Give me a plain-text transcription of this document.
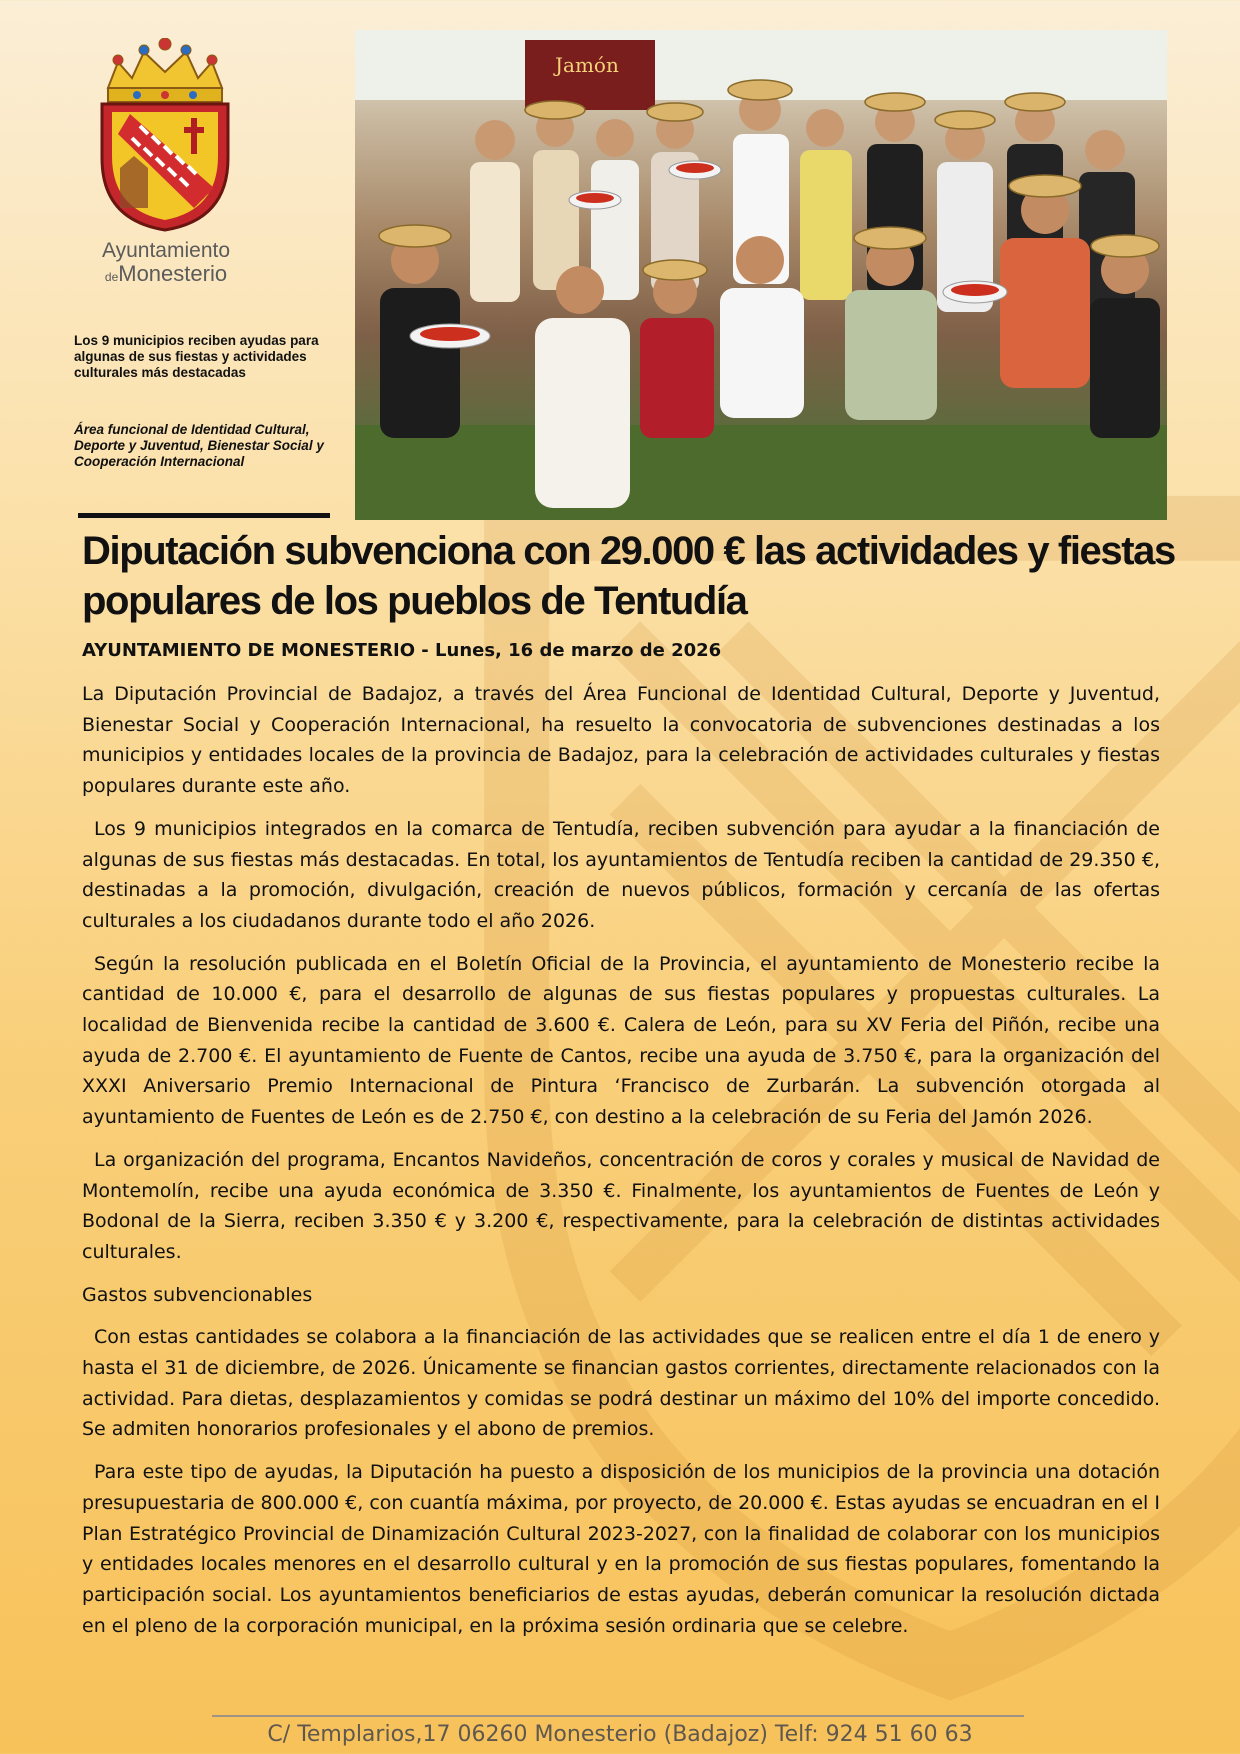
Ayuntamiento
deMonesterio
Los 9 municipios reciben ayudas para algunas de sus fiestas y actividades culturales más destacadas
Área funcional de Identidad Cultural, Deporte y Juventud, Bienestar Social y Cooperación Internacional
Jamón
Diputación subvenciona con 29.000 € las actividades y fiestas populares de los pueblos de Tentudía
AYUNTAMIENTO DE MONESTERIO - Lunes, 16 de marzo de 2026

La Diputación Provincial de Badajoz, a través del Área Funcional de Identidad Cultural, Deporte y Juventud, Bienestar Social y Cooperación Internacional, ha resuelto la convocatoria de subvenciones destinadas a los municipios y entidades locales de la provincia de Badajoz, para la celebración de actividades culturales y fiestas populares durante este año.

Los 9 municipios integrados en la comarca de Tentudía, reciben subvención para ayudar a la financiación de algunas de sus fiestas más destacadas. En total, los ayuntamientos de Tentudía reciben la cantidad de 29.350 €, destinadas a la promoción, divulgación, creación de nuevos públicos, formación y cercanía de las ofertas culturales a los ciudadanos durante todo el año 2026.

Según la resolución publicada en el Boletín Oficial de la Provincia, el ayuntamiento de Monesterio recibe la cantidad de 10.000 €, para el desarrollo de algunas de sus fiestas populares y propuestas culturales. La localidad de Bienvenida recibe la cantidad de 3.600 €. Calera de León, para su XV Feria del Piñón, recibe una ayuda de 2.700 €. El ayuntamiento de Fuente de Cantos, recibe una ayuda de 3.750 €, para la organización del XXXI Aniversario Premio Internacional de Pintura ‘Francisco de Zurbarán. La subvención otorgada al ayuntamiento de Fuentes de León es de 2.750 €, con destino a la celebración de su Feria del Jamón 2026.

La organización del programa, Encantos Navideños, concentración de coros y corales y musical de Navidad de Montemolín, recibe una ayuda económica de 3.350 €. Finalmente, los ayuntamientos de Fuentes de León y Bodonal de la Sierra, reciben 3.350 € y 3.200 €, respectivamente, para la celebración de distintas actividades culturales.

Gastos subvencionables

Con estas cantidades se colabora a la financiación de las actividades que se realicen entre el día 1 de enero y hasta el 31 de diciembre, de 2026. Únicamente se financian gastos corrientes, directamente relacionados con la actividad. Para dietas, desplazamientos y comidas se podrá destinar un máximo del 10% del importe concedido. Se admiten honorarios profesionales y el abono de premios.

Para este tipo de ayudas, la Diputación ha puesto a disposición de los municipios de la provincia una dotación presupuestaria de 800.000 €, con cuantía máxima, por proyecto, de 20.000 €. Estas ayudas se encuadran en el I Plan Estratégico Provincial de Dinamización Cultural 2023-2027, con la finalidad de colaborar con los municipios y entidades locales menores en el desarrollo cultural y en la promoción de sus fiestas populares, fomentando la participación social. Los ayuntamientos beneficiarios de estas ayudas, deberán comunicar la resolución dictada en el pleno de la corporación municipal, en la próxima sesión ordinaria que se celebre.

C/ Templarios,17 06260 Monesterio (Badajoz) Telf: 924 51 60 63
